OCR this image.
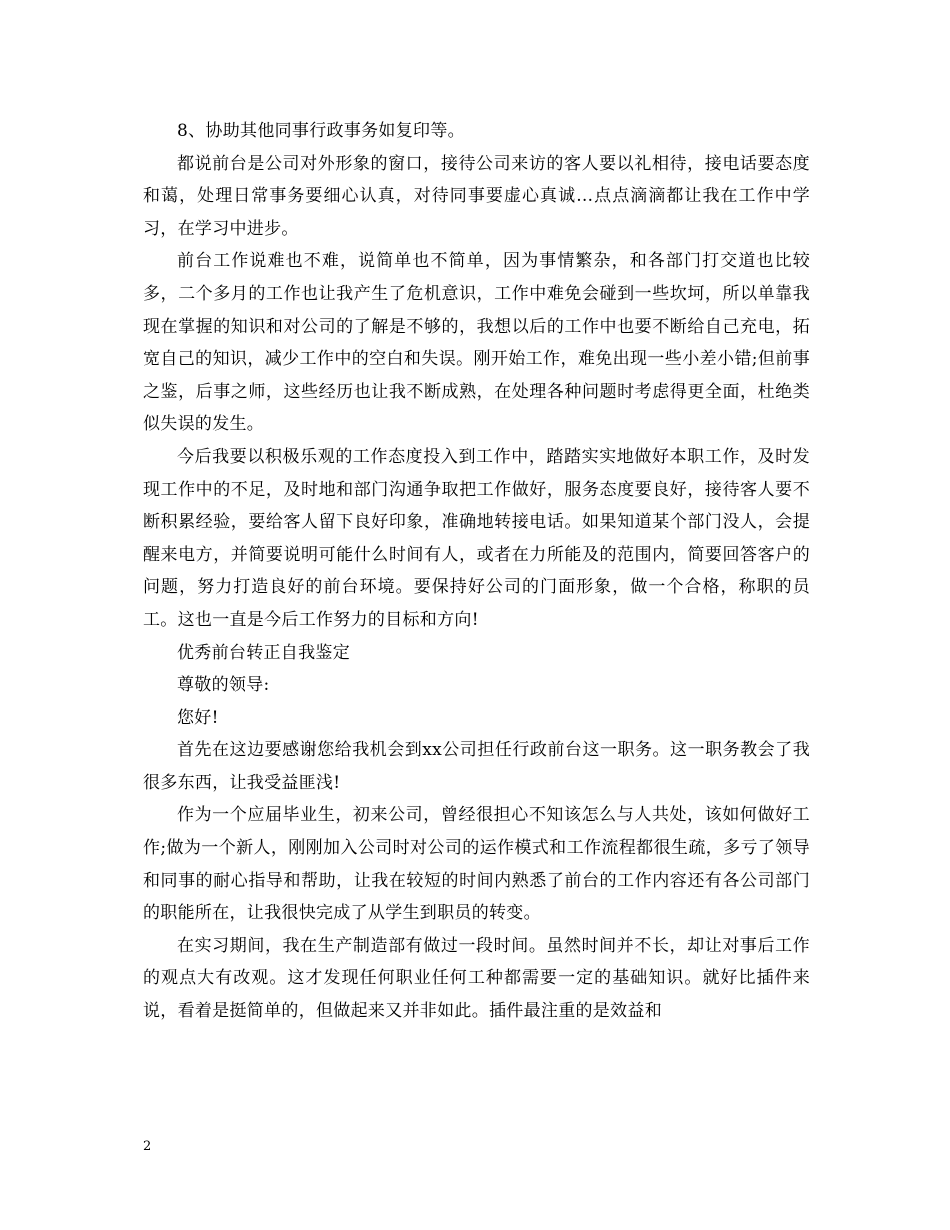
8、协助其他同事行政事务如复印等。

都说前台是公司对外形象的窗口，接待公司来访的客人要以礼相待，接电话要态度和蔼，处理日常事务要细心认真，对待同事要虚心真诚…点点滴滴都让我在工作中学习，在学习中进步。

前台工作说难也不难，说简单也不简单，因为事情繁杂，和各部门打交道也比较多，二个多月的工作也让我产生了危机意识，工作中难免会碰到一些坎坷，所以单靠我现在掌握的知识和对公司的了解是不够的，我想以后的工作中也要不断给自己充电，拓宽自己的知识，减少工作中的空白和失误。刚开始工作，难免出现一些小差小错;但前事之鉴，后事之师，这些经历也让我不断成熟，在处理各种问题时考虑得更全面，杜绝类似失误的发生。

今后我要以积极乐观的工作态度投入到工作中，踏踏实实地做好本职工作，及时发现工作中的不足，及时地和部门沟通争取把工作做好，服务态度要良好，接待客人要不断积累经验，要给客人留下良好印象，准确地转接电话。如果知道某个部门没人，会提醒来电方，并简要说明可能什么时间有人，或者在力所能及的范围内，简要回答客户的问题，努力打造良好的前台环境。要保持好公司的门面形象，做一个合格，称职的员工。这也一直是今后工作努力的目标和方向!

优秀前台转正自我鉴定

尊敬的领导:

您好!

首先在这边要感谢您给我机会到xx公司担任行政前台这一职务。这一职务教会了我很多东西，让我受益匪浅!

作为一个应届毕业生，初来公司，曾经很担心不知该怎么与人共处，该如何做好工作;做为一个新人，刚刚加入公司时对公司的运作模式和工作流程都很生疏，多亏了领导和同事的耐心指导和帮助，让我在较短的时间内熟悉了前台的工作内容还有各公司部门的职能所在，让我很快完成了从学生到职员的转变。

在实习期间，我在生产制造部有做过一段时间。虽然时间并不长，却让对事后工作的观点大有改观。这才发现任何职业任何工种都需要一定的基础知识。就好比插件来说，看着是挺简单的，但做起来又并非如此。插件最注重的是效益和

2
